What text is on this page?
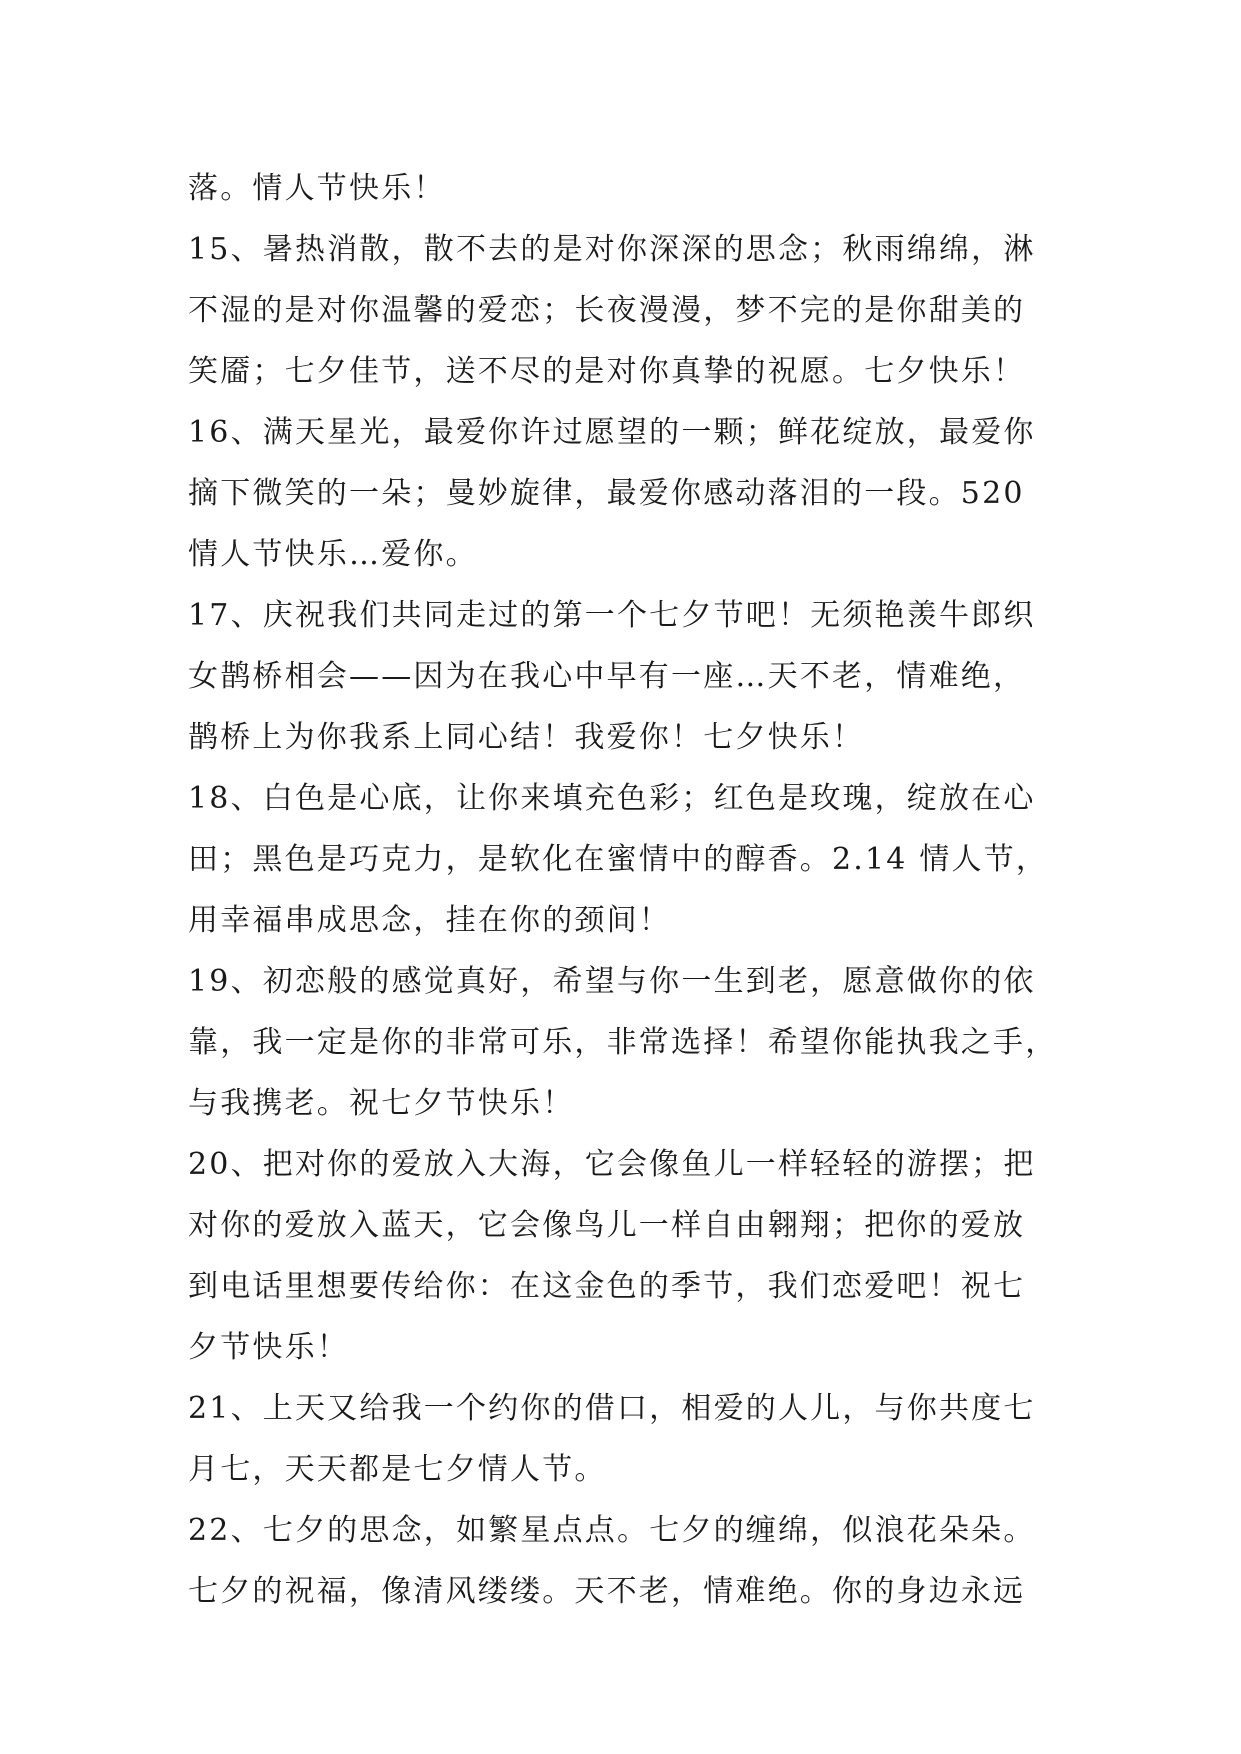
落。情人节快乐！
15、暑热消散，散不去的是对你深深的思念；秋雨绵绵，淋
不湿的是对你温馨的爱恋；长夜漫漫，梦不完的是你甜美的
笑靥；七夕佳节，送不尽的是对你真挚的祝愿。七夕快乐！
16、满天星光，最爱你许过愿望的一颗；鲜花绽放，最爱你
摘下微笑的一朵；曼妙旋律，最爱你感动落泪的一段。520
情人节快乐…爱你。
17、庆祝我们共同走过的第一个七夕节吧！无须艳羡牛郎织
女鹊桥相会——因为在我心中早有一座…天不老，情难绝，
鹊桥上为你我系上同心结！我爱你！七夕快乐！
18、白色是心底，让你来填充色彩；红色是玫瑰，绽放在心
田；黑色是巧克力，是软化在蜜情中的醇香。2.14 情人节，
用幸福串成思念，挂在你的颈间！
19、初恋般的感觉真好，希望与你一生到老，愿意做你的依
靠，我一定是你的非常可乐，非常选择！希望你能执我之手，
与我携老。祝七夕节快乐！
20、把对你的爱放入大海，它会像鱼儿一样轻轻的游摆；把
对你的爱放入蓝天，它会像鸟儿一样自由翱翔；把你的爱放
到电话里想要传给你：在这金色的季节，我们恋爱吧！祝七
夕节快乐！
21、上天又给我一个约你的借口，相爱的人儿，与你共度七
月七，天天都是七夕情人节。
22、七夕的思念，如繁星点点。七夕的缠绵，似浪花朵朵。
七夕的祝福，像清风缕缕。天不老，情难绝。你的身边永远
